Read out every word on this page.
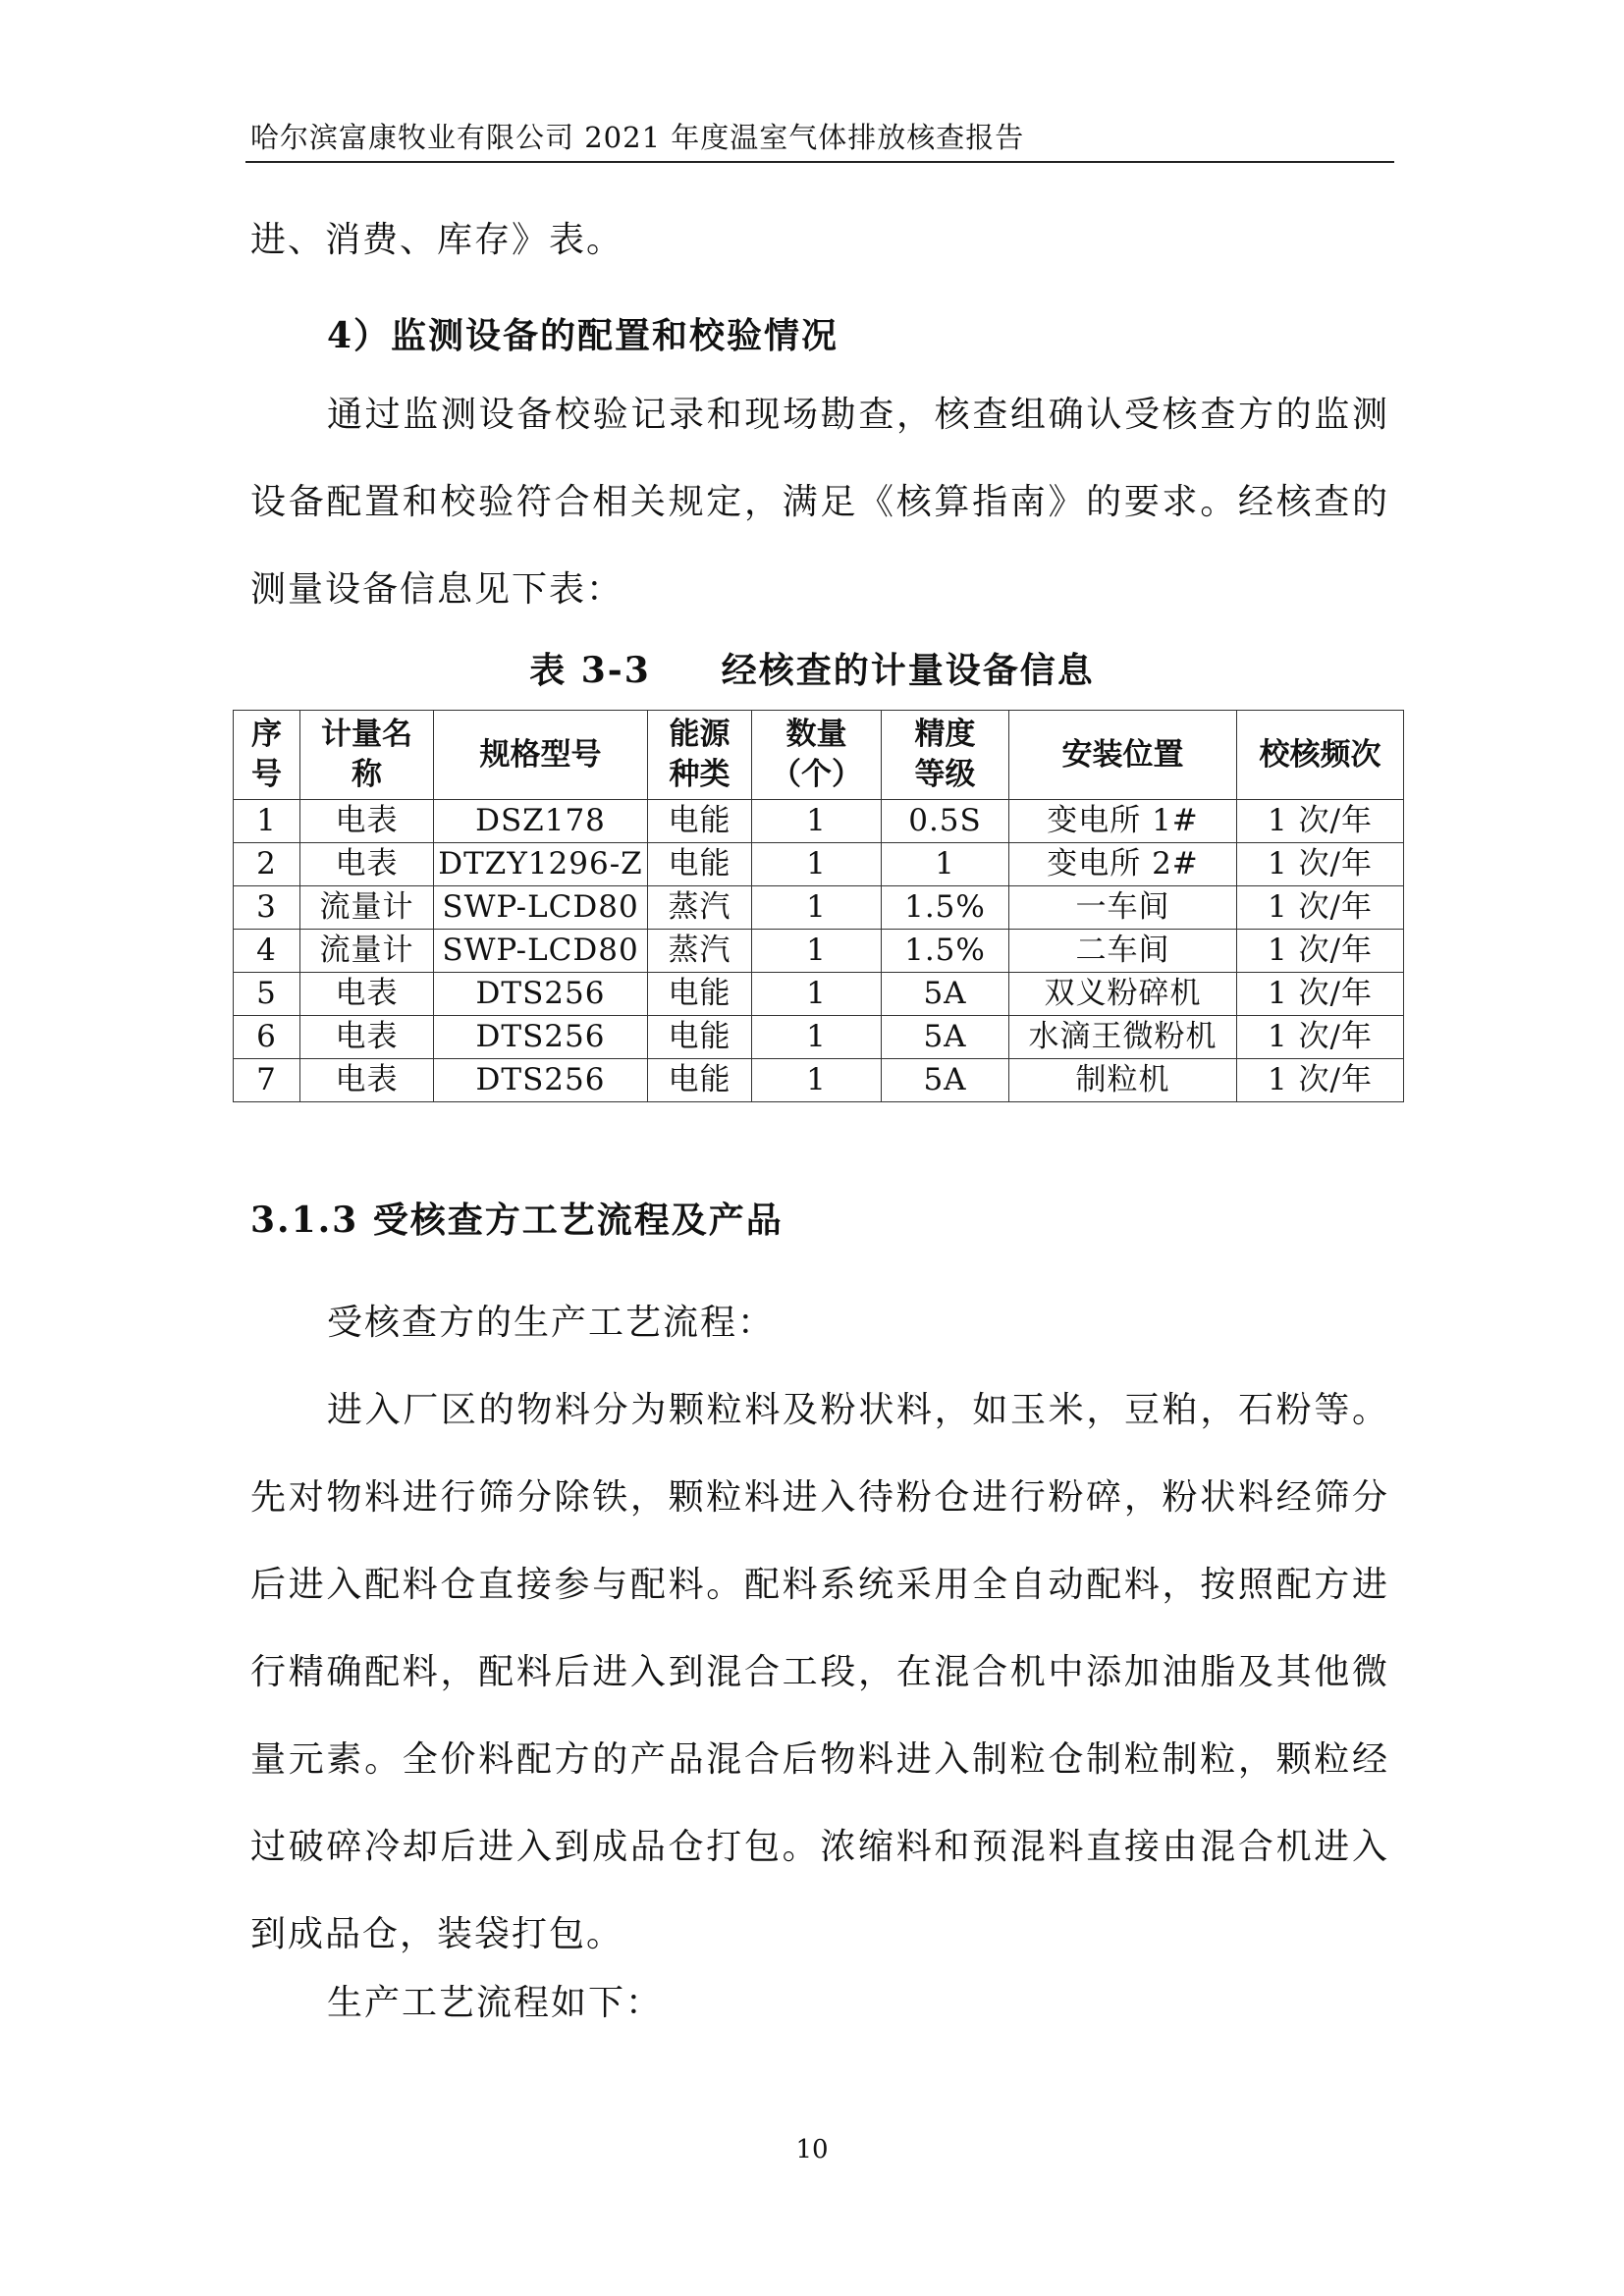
哈尔滨富康牧业有限公司 2021 年度温室气体排放核查报告

进、消费、库存》表。

4）监测设备的配置和校验情况

通过监测设备校验记录和现场勘查，核查组确认受核查方的监测设备配置和校验符合相关规定，满足《核算指南》的要求。经核查的测量设备信息见下表：

表 3-3 经核查的计量设备信息
序号	计量名称	规格型号	能源种类	数量（个）	精度等级	安装位置	校核频次
1	电表	DSZ178	电能	1	0.5S	变电所 1#	1 次/年
2	电表	DTZY1296-Z	电能	1	1	变电所 2#	1 次/年
3	流量计	SWP-LCD80	蒸汽	1	1.5%	一车间	1 次/年
4	流量计	SWP-LCD80	蒸汽	1	1.5%	二车间	1 次/年
5	电表	DTS256	电能	1	5A	双义粉碎机	1 次/年
6	电表	DTS256	电能	1	5A	水滴王微粉机	1 次/年
7	电表	DTS256	电能	1	5A	制粒机	1 次/年

3.1.3 受核查方工艺流程及产品

受核查方的生产工艺流程：

进入厂区的物料分为颗粒料及粉状料，如玉米，豆粕，石粉等。先对物料进行筛分除铁，颗粒料进入待粉仓进行粉碎，粉状料经筛分后进入配料仓直接参与配料。配料系统采用全自动配料，按照配方进行精确配料，配料后进入到混合工段，在混合机中添加油脂及其他微量元素。全价料配方的产品混合后物料进入制粒仓制粒制粒，颗粒经过破碎冷却后进入到成品仓打包。浓缩料和预混料直接由混合机进入到成品仓，装袋打包。

生产工艺流程如下：

10
